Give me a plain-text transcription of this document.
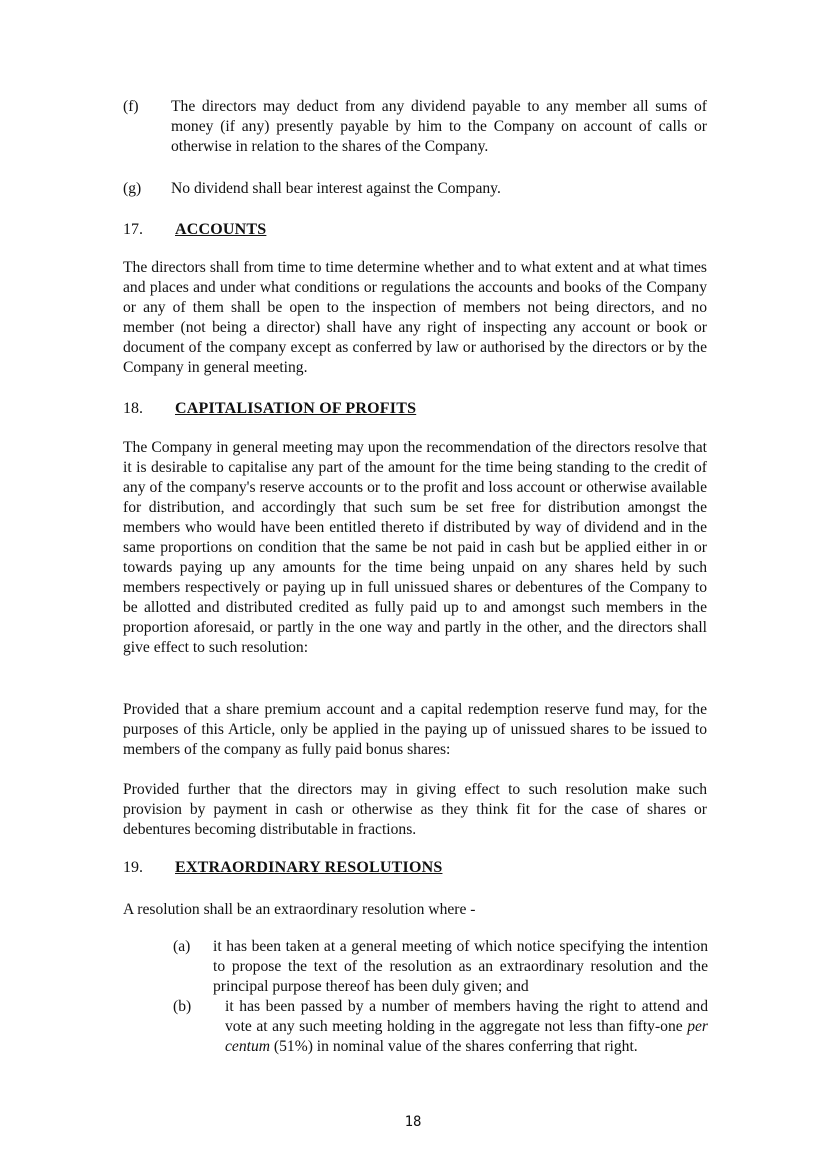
(f)	The directors may deduct from any dividend payable to any member all sums of money (if any) presently payable by him to the Company on account of calls or otherwise in relation to the shares of the Company.
(g)	No dividend shall bear interest against the Company.
17.	ACCOUNTS
The directors shall from time to time determine whether and to what extent and at what times and places and under what conditions or regulations the accounts and books of the Company or any of them shall be open to the inspection of members not being directors, and no member (not being a director) shall have any right of inspecting any account or book or document of the company except as conferred by law or authorised by the directors or by the Company in general meeting.
18.	CAPITALISATION OF PROFITS
The Company in general meeting may upon the recommendation of the directors resolve that it is desirable to capitalise any part of the amount for the time being standing to the credit of any of the company's reserve accounts or to the profit and loss account or otherwise available for distribution, and accordingly that such sum be set free for distribution amongst the members who would have been entitled thereto if distributed by way of dividend and in the same proportions on condition that the same be not paid in cash but be applied either in or towards paying up any amounts for the time being unpaid on any shares held by such members respectively or paying up in full unissued shares or debentures of the Company to be allotted and distributed credited as fully paid up to and amongst such members in the proportion aforesaid, or partly in the one way and partly in the other, and the directors shall give effect to such resolution:
Provided that a share premium account and a capital redemption reserve fund may, for the purposes of this Article, only be applied in the paying up of unissued shares to be issued to members of the company as fully paid bonus shares:
Provided further that the directors may in giving effect to such resolution make such provision by payment in cash or otherwise as they think fit for the case of shares or debentures becoming distributable in fractions.
19.	EXTRAORDINARY RESOLUTIONS
A resolution shall be an extraordinary resolution where -
(a)	it has been taken at a general meeting of which notice specifying the intention to propose the text of the resolution as an extraordinary resolution and the principal purpose thereof has been duly given; and
(b)	it has been passed by a number of members having the right to attend and vote at any such meeting holding in the aggregate not less than fifty-one per centum (51%) in nominal value of the shares conferring that right.
18
